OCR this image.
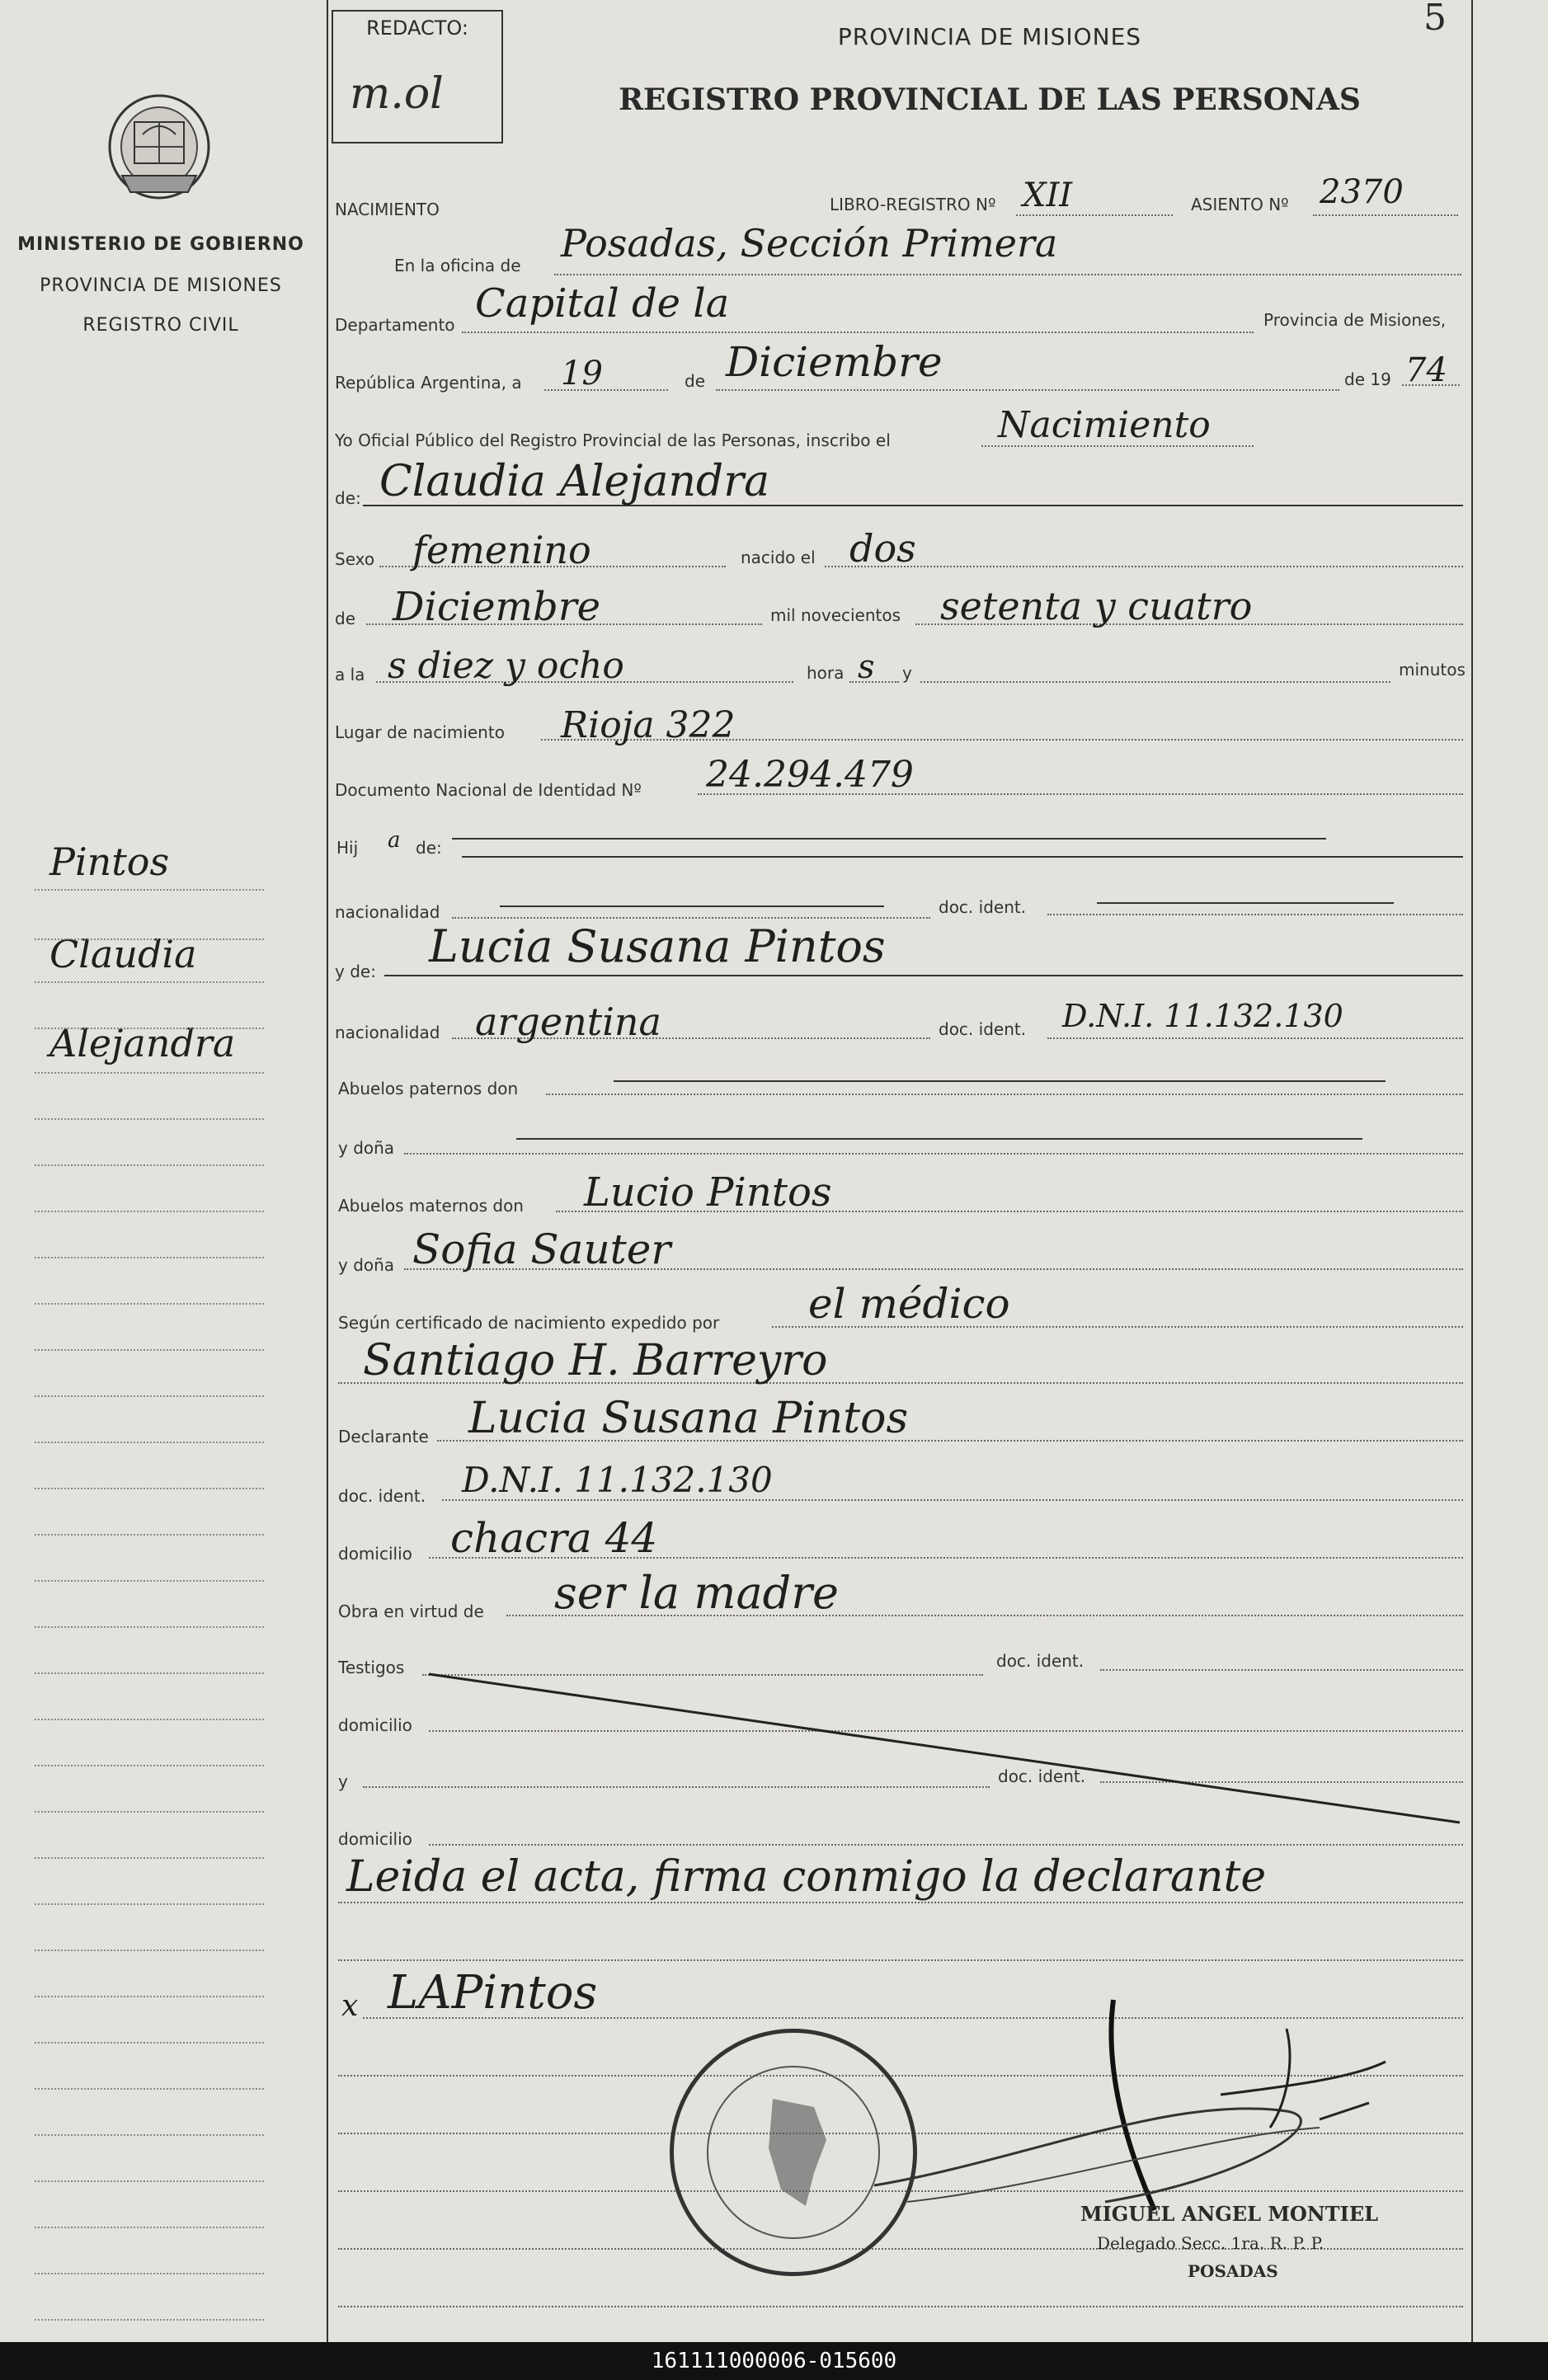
MINISTERIO DE GOBIERNO
PROVINCIA DE MISIONES
REGISTRO CIVIL
Pintos
Claudia
Alejandra
REDACTO:
m.ol
5
PROVINCIA DE MISIONES
REGISTRO PROVINCIAL DE LAS PERSONAS
NACIMIENTO	LIBRO-REGISTRO Nº XII	ASIENTO Nº 2370
En la oficina de Posadas, Sección Primera
Departamento Capital de la	Provincia de Misiones,
República Argentina, a 19	de Diciembre	de 19 74
Yo Oficial Público del Registro Provincial de las Personas, inscribo el	Nacimiento
de: Claudia Alejandra
Sexo femenino	nacido el dos
de Diciembre	mil novecientos setenta y cuatro
a la s diez y ocho	hora s y	minutos
Lugar de nacimiento Rioja 322
Documento Nacional de Identidad Nº 24.294.479
Hij a de:
nacionalidad	doc. ident.
y de: Lucia Susana Pintos
nacionalidad argentina	doc. ident. D.N.I. 11.132.130
Abuelos paternos don
y doña
Abuelos maternos don Lucio Pintos
y doña Sofia Sauter
Según certificado de nacimiento expedido por el médico
Santiago H. Barreyro
Declarante Lucia Susana Pintos
doc. ident. D.N.I. 11.132.130
domicilio chacra 44
Obra en virtud de ser la madre
Testigos	doc. ident.
domicilio
y	doc. ident.
domicilio
Leida el acta, firma conmigo la declarante
x LAPintos
MIGUEL ANGEL MONTIEL
Delegado Secc. 1ra. R. P. P.
POSADAS
161111000006-015600
